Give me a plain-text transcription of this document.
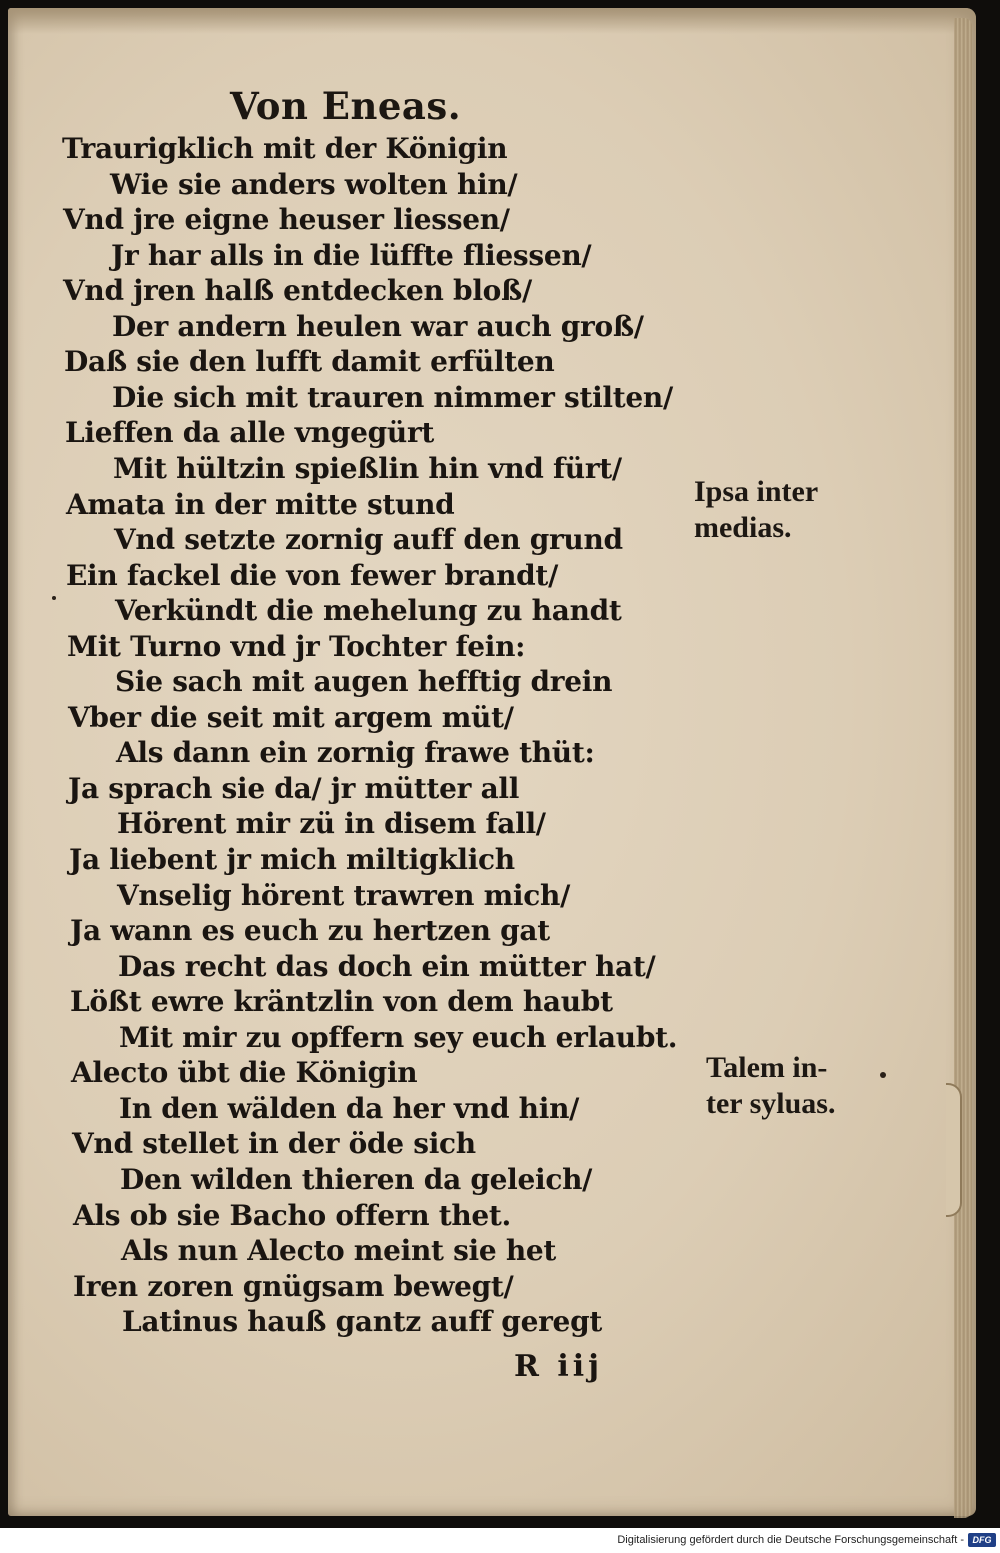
Von Eneas.
Traurigklich mit der Königin
Wie sie anders wolten hin/
Vnd jre eigne heuser liessen/
Jr har alls in die lüffte fliessen/
Vnd jren halß entdecken bloß/
Der andern heulen war auch groß/
Daß sie den lufft damit erfülten
Die sich mit trauren nimmer stilten/
Lieffen da alle vngegürt
Mit hültzin spießlin hin vnd fürt/
Amata in der mitte stund
Vnd setzte zornig auff den grund
Ein fackel die von fewer brandt/
Verkündt die mehelung zu handt
Mit Turno vnd jr Tochter fein:
Sie sach mit augen hefftig drein
Vber die seit mit argem müt/
Als dann ein zornig frawe thüt:
Ja sprach sie da/ jr mütter all
Hörent mir zü in disem fall/
Ja liebent jr mich miltigklich
Vnselig hörent trawren mich/
Ja wann es euch zu hertzen gat
Das recht das doch ein mütter hat/
Lößt ewre kräntzlin von dem haubt
Mit mir zu opffern sey euch erlaubt.
Alecto übt die Königin
In den wälden da her vnd hin/
Vnd stellet in der öde sich
Den wilden thieren da geleich/
Als ob sie Bacho offern thet.
Als nun Alecto meint sie het
Iren zoren gnügsam bewegt/
Latinus hauß gantz auff geregt
Ipsa inter
medias.
Talem in-
ter syluas.
R iij
Digitalisierung gefördert durch die Deutsche Forschungsgemeinschaft - DFG
